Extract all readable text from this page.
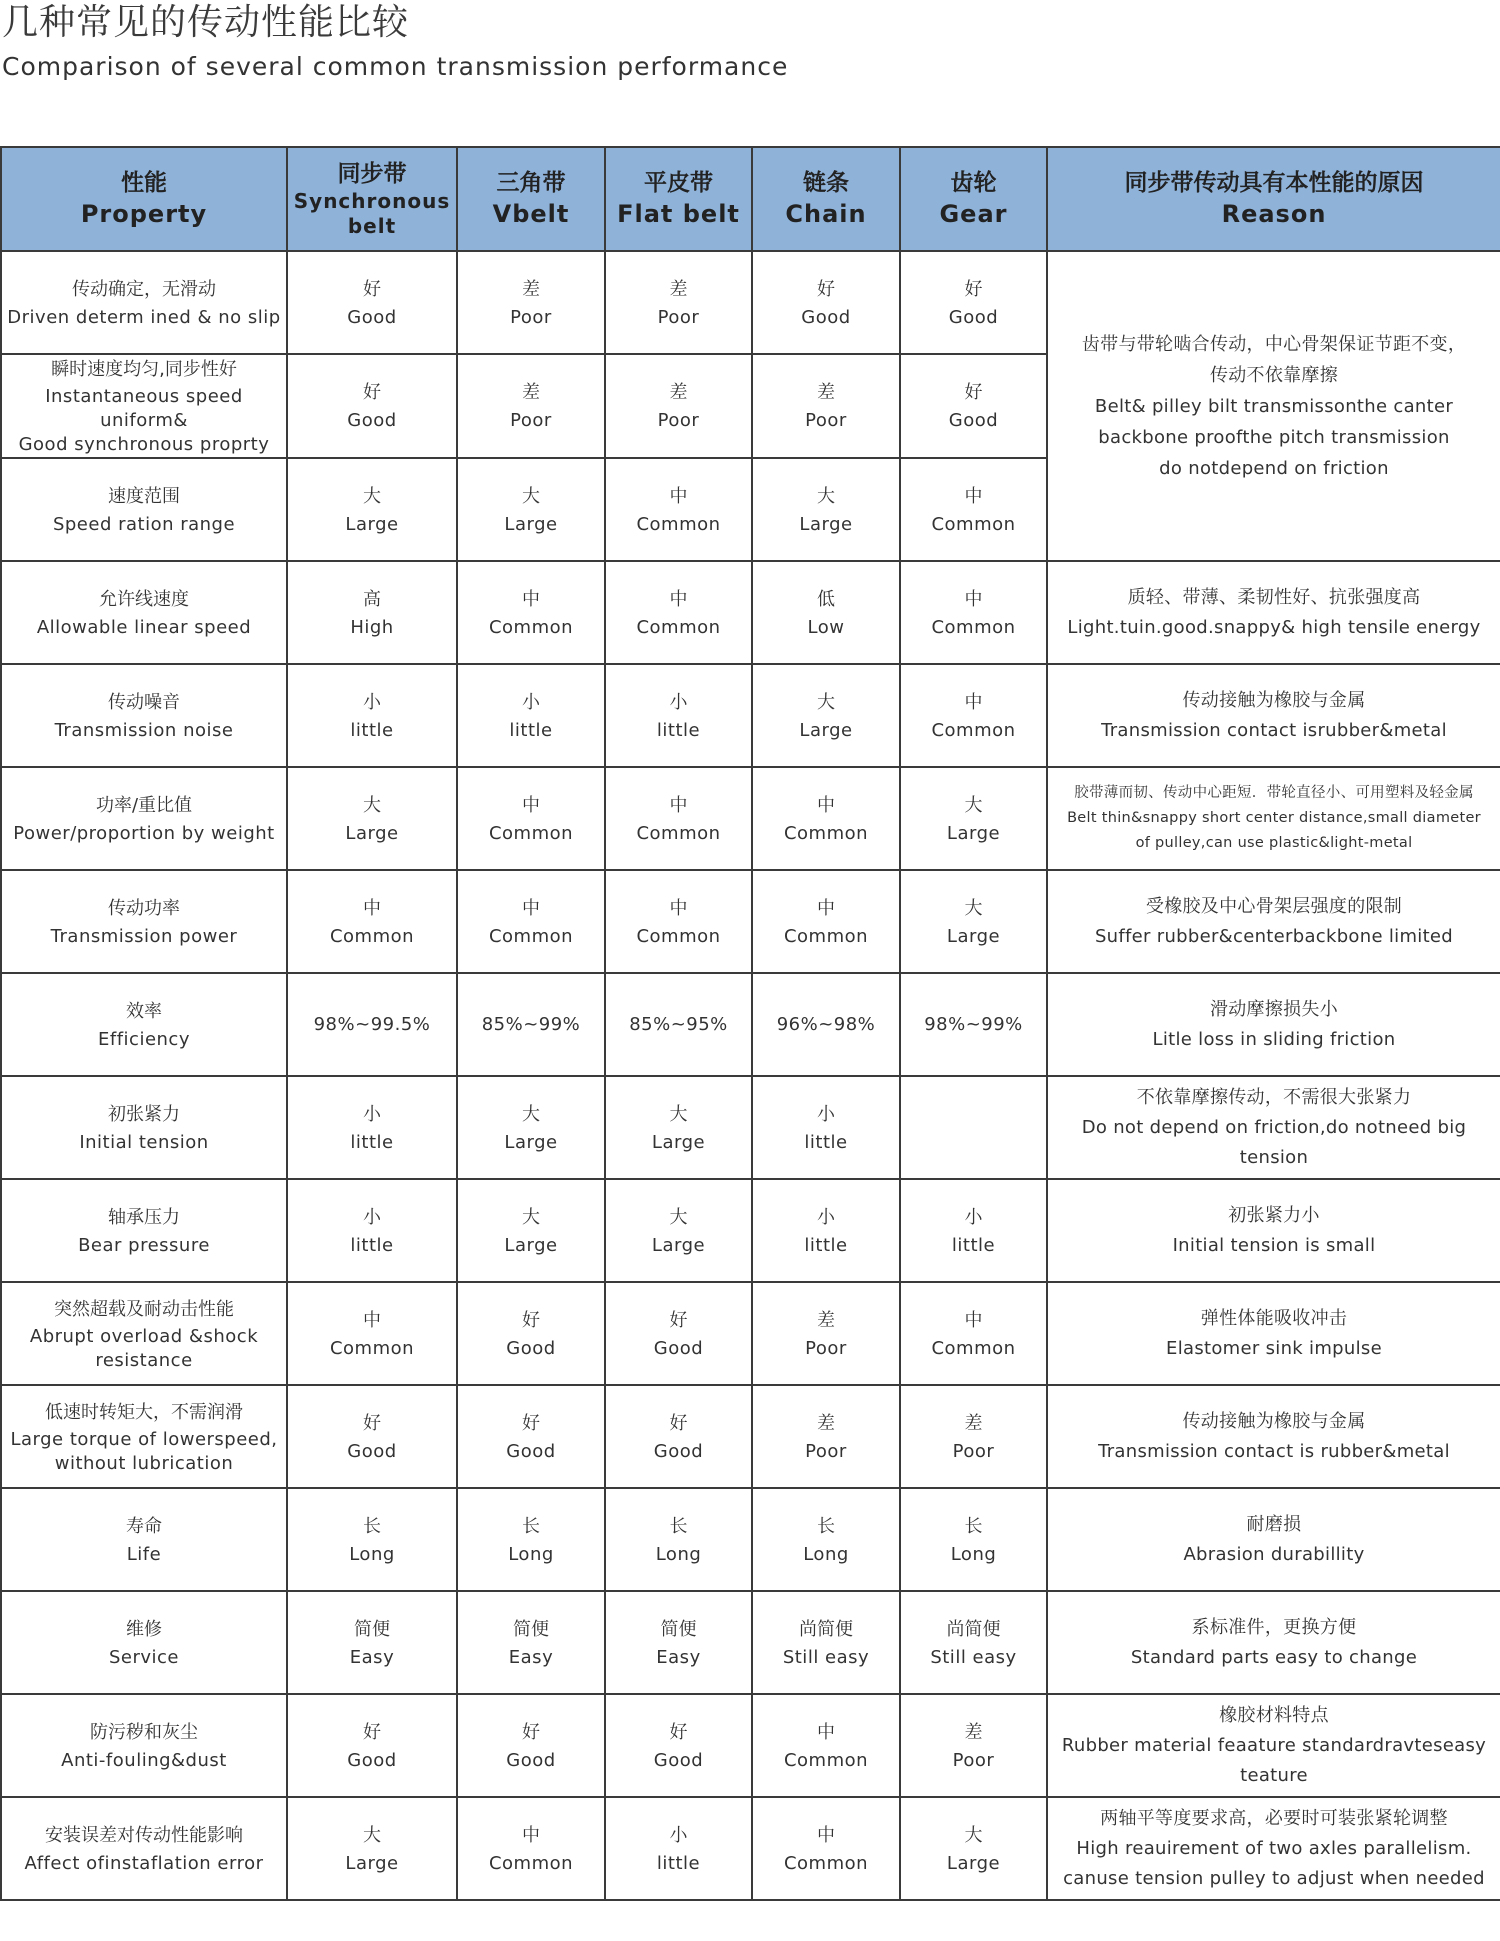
几种常见的传动性能比较
Comparison of several common transmission performance
性能
Property	同步带
Synchronous belt	三角带
Vbelt	平皮带
Flat belt	链条
Chain	齿轮
Gear	同步带传动具有本性能的原因
Reason

传动确定，无滑动
Driven determ ined & no slip	好
Good	差
Poor	差
Poor	好
Good	好
Good	齿带与带轮啮合传动，中心骨架保证节距不变，
传动不依靠摩擦
Belt& pilley bilt transmissonthe canter
backbone proofthe pitch transmission
do notdepend on friction

瞬时速度均匀,同步性好
Instantaneous speed uniform&
Good synchronous proprty	好
Good	差
Poor	差
Poor	差
Poor	好
Good	

速度范围
Speed ration range	大
Large	大
Large	中
Common	大
Large	中
Common	

允许线速度
Allowable linear speed	高
High	中
Common	中
Common	低
Low	中
Common	质轻、带薄、柔韧性好、抗张强度高
Light.tuin.good.snappy& high tensile energy

传动噪音
Transmission noise	小
little	小
little	小
little	大
Large	中
Common	传动接触为橡胶与金属
Transmission contact isrubber&metal

功率/重比值
Power/proportion by weight	大
Large	中
Common	中
Common	中
Common	大
Large	胶带薄而韧、传动中心距短．带轮直径小、可用塑料及轻金属
Belt thin&snappy short center distance,small diameter
of pulley,can use plastic&light-metal

传动功率
Transmission power	中
Common	中
Common	中
Common	中
Common	大
Large	受橡胶及中心骨架层强度的限制
Suffer rubber&centerbackbone limited

效率
Efficiency	98%~99.5%	85%~99%	85%~95%	96%~98%	98%~99%	滑动摩擦损失小
Litle loss in sliding friction

初张紧力
Initial tension	小
little	大
Large	大
Large	小
little		不依靠摩擦传动，不需很大张紧力
Do not depend on friction,do notneed big
tension

轴承压力
Bear pressure	小
little	大
Large	大
Large	小
little	小
little	初张紧力小
Initial tension is small

突然超载及耐动击性能
Abrupt overload &shock
resistance	中
Common	好
Good	好
Good	差
Poor	中
Common	弹性体能吸收冲击
Elastomer sink impulse

低速时转矩大，不需润滑
Large torque of lowerspeed,
without lubrication	好
Good	好
Good	好
Good	差
Poor	差
Poor	传动接触为橡胶与金属
Transmission contact is rubber&metal

寿命
Life	长
Long	长
Long	长
Long	长
Long	长
Long	耐磨损
Abrasion durabillity

维修
Service	简便
Easy	简便
Easy	简便
Easy	尚简便
Still easy	尚简便
Still easy	系标准件，更换方便
Standard parts easy to change

防污秽和灰尘
Anti-fouling&dust	好
Good	好
Good	好
Good	中
Common	差
Poor	橡胶材料特点
Rubber material feaature standardravteseasy
teature

安装误差对传动性能影响
Affect ofinstaflation error	大
Large	中
Common	小
little	中
Common	大
Large	两轴平等度要求高，必要时可装张紧轮调整
High reauirement of two axles parallelism.
canuse tension pulley to adjust when needed
